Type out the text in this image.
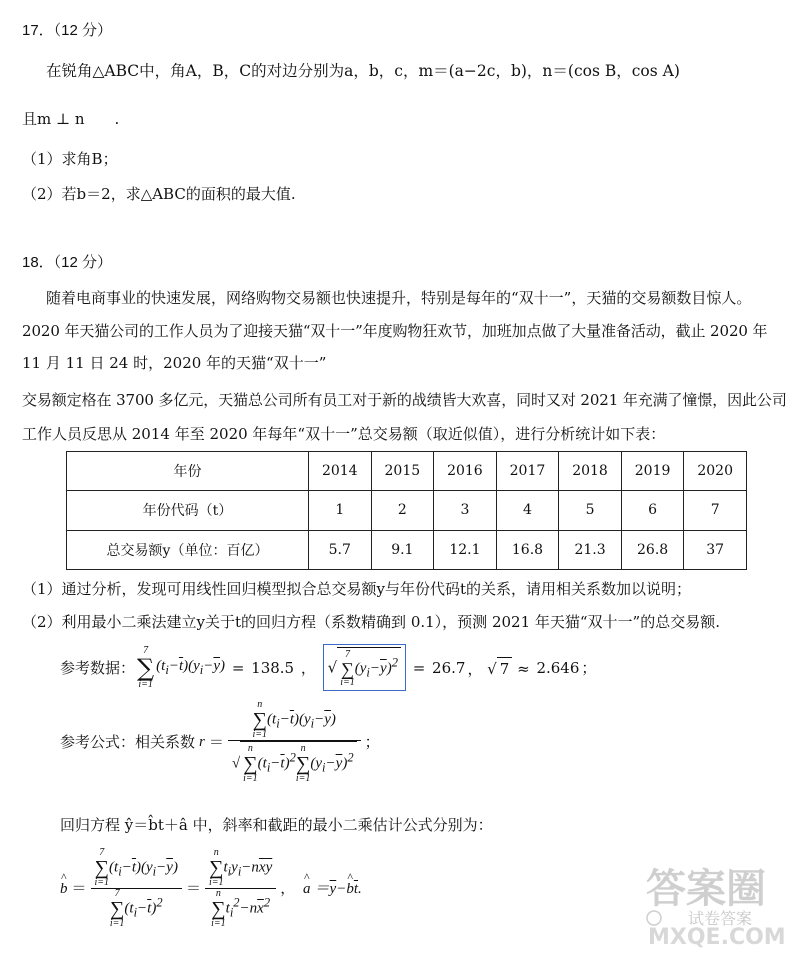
17．（12 分）
在锐角△ABC中，角A，B，C的对边分别为a，b，c，m＝(a−2c，b)，n＝(cos B，cos A)
且m ⊥ n　　.
（1）求角B；
（2）若b＝2，求△ABC的面积的最大值.
18．（12 分）
随着电商事业的快速发展，网络购物交易额也快速提升，特别是每年的“双十一”，天猫的交易额数目惊人。
2020 年天猫公司的工作人员为了迎接天猫“双十一”年度购物狂欢节，加班加点做了大量准备活动，截止 2020 年
11 月 11 日 24 时，2020 年的天猫“双十一”
交易额定格在 3700 多亿元，天猫总公司所有员工对于新的战绩皆大欢喜，同时又对 2021 年充满了憧憬，因此公司
工作人员反思从 2014 年至 2020 年每年“双十一”总交易额（取近似值），进行分析统计如下表：
年份	2014	2015	2016	2017	2018	2019	2020
年份代码（t）	1	2	3	4	5	6	7
总交易额y（单位：百亿）	5.7	9.1	12.1	16.8	21.3	26.8	37
（1）通过分析，发现可用线性回归模型拟合总交易额y与年份代码t的关系，请用相关系数加以说明；
（2）利用最小二乘法建立y关于t的回归方程（系数精确到 0.1），预测 2021 年天猫“双十一”的总交易额.
参考数据：
7
∑
i=1
$(t_i-\overline{t})(y_i-\overline{y}) = 138.5$ ， √
7
∑
i=1
$(y_i-\overline{y})^2 = 26.7$ ， √ 7 ≈ 2.646 ；
参考公式：相关系数 r ＝ n
∑
i=1
$(t_i-\overline{t})(y_i-\overline{y})$
√
n
∑
i=1
$(t_i-\overline{t})^2$
n
∑
i=1
$(y_i-\overline{y})^2$ ；
回归方程 ŷ＝b̂t＋â 中，斜率和截距的最小二乘估计公式分别为：
^ b ＝ 7
∑
i=1
$(t_i-\overline{t})(y_i-\overline{y})$
7
∑
i=1
$(t_i-\overline{t})^2 = n$
∑
i=1
$t_iy_i-n\overline{x}\overline{y}$
n
∑
i=1
$t_i^2-n\overline{x}^2$ ， ^ $a =\overline{y}-\^{}$ $b\overline{t}$.	答案圈
试卷答案
MXQE.COM
